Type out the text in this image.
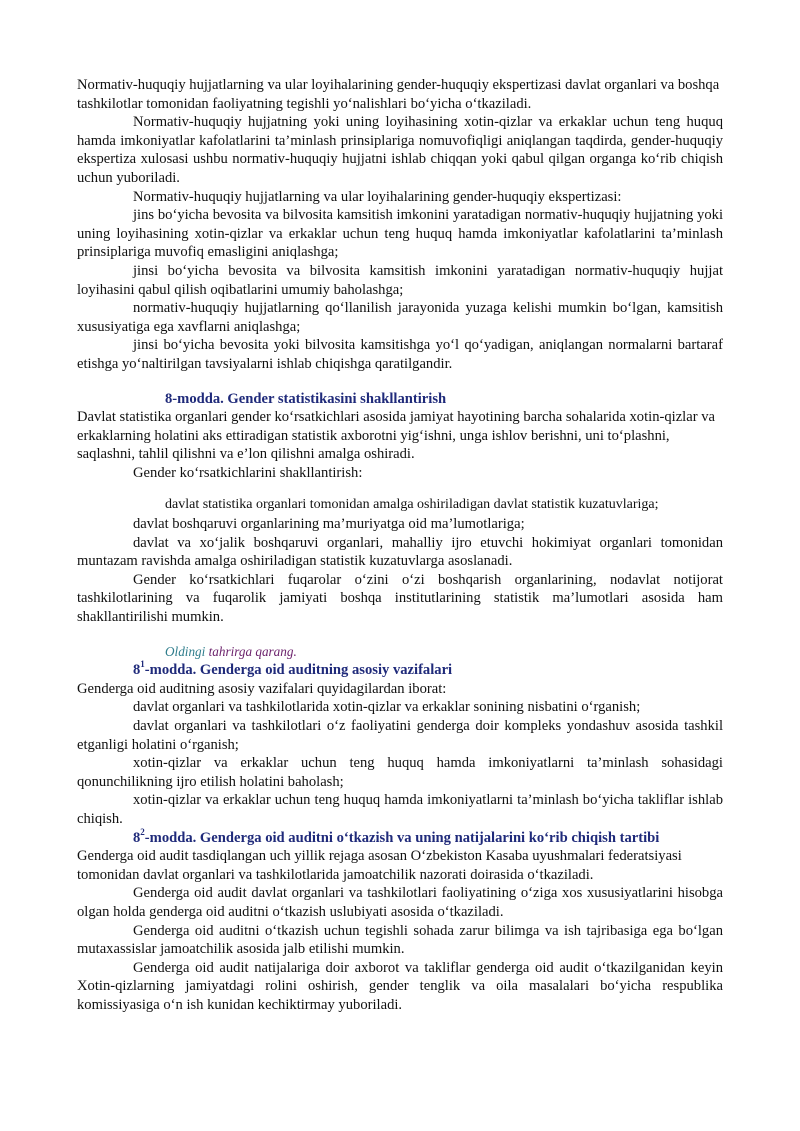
Normativ-huquqiy hujjatlarning va ular loyihalarining gender-huquqiy ekspertizasi davlat organlari va boshqa tashkilotlar tomonidan faoliyatning tegishli yo‘nalishlari bo‘yicha o‘tkaziladi.

Normativ-huquqiy hujjatning yoki uning loyihasining xotin-qizlar va erkaklar uchun teng huquq hamda imkoniyatlar kafolatlarini ta’minlash prinsiplariga nomuvofiqligi aniqlangan taqdirda, gender-huquqiy ekspertiza xulosasi ushbu normativ-huquqiy hujjatni ishlab chiqqan yoki qabul qilgan organga ko‘rib chiqish uchun yuboriladi.

Normativ-huquqiy hujjatlarning va ular loyihalarining gender-huquqiy ekspertizasi:

jins bo‘yicha bevosita va bilvosita kamsitish imkonini yaratadigan normativ-huquqiy hujjatning yoki uning loyihasining xotin-qizlar va erkaklar uchun teng huquq hamda imkoniyatlar kafolatlarini ta’minlash prinsiplariga muvofiq emasligini aniqlashga;

jinsi bo‘yicha bevosita va bilvosita kamsitish imkonini yaratadigan normativ-huquqiy hujjat loyihasini qabul qilish oqibatlarini umumiy baholashga;

normativ-huquqiy hujjatlarning qo‘llanilish jarayonida yuzaga kelishi mumkin bo‘lgan, kamsitish xususiyatiga ega xavflarni aniqlashga;

jinsi bo‘yicha bevosita yoki bilvosita kamsitishga yo‘l qo‘yadigan, aniqlangan normalarni bartaraf etishga yo‘naltirilgan tavsiyalarni ishlab chiqishga qaratilgandir.

8-modda. Gender statistikasini shakllantirish

Davlat statistika organlari gender ko‘rsatkichlari asosida jamiyat hayotining barcha sohalarida xotin-qizlar va erkaklarning holatini aks ettiradigan statistik axborotni yig‘ishni, unga ishlov berishni, uni to‘plashni, saqlashni, tahlil qilishni va e’lon qilishni amalga oshiradi.

Gender ko‘rsatkichlarini shakllantirish:

davlat statistika organlari tomonidan amalga oshiriladigan davlat statistik kuzatuvlariga;

davlat boshqaruvi organlarining ma’muriyatga oid ma’lumotlariga;

davlat va xo‘jalik boshqaruvi organlari, mahalliy ijro etuvchi hokimiyat organlari tomonidan muntazam ravishda amalga oshiriladigan statistik kuzatuvlarga asoslanadi.

Gender ko‘rsatkichlari fuqarolar o‘zini o‘zi boshqarish organlarining, nodavlat notijorat tashkilotlarining va fuqarolik jamiyati boshqa institutlarining statistik ma’lumotlari asosida ham shakllantirilishi mumkin.

Oldingi tahrirga qarang.

$8^1$-modda. Genderga oid auditning asosiy vazifalari

Genderga oid auditning asosiy vazifalari quyidagilardan iborat:

davlat organlari va tashkilotlarida xotin-qizlar va erkaklar sonining nisbatini o‘rganish;

davlat organlari va tashkilotlari o‘z faoliyatini genderga doir kompleks yondashuv asosida tashkil etganligi holatini o‘rganish;

xotin-qizlar va erkaklar uchun teng huquq hamda imkoniyatlarni ta’minlash sohasidagi qonunchilikning ijro etilish holatini baholash;

xotin-qizlar va erkaklar uchun teng huquq hamda imkoniyatlarni ta’minlash bo‘yicha takliflar ishlab chiqish.

$8^2$-modda. Genderga oid auditni o‘tkazish va uning natijalarini ko‘rib chiqish tartibi

Genderga oid audit tasdiqlangan uch yillik rejaga asosan O‘zbekiston Kasaba uyushmalari federatsiyasi tomonidan davlat organlari va tashkilotlarida jamoatchilik nazorati doirasida o‘tkaziladi.

Genderga oid audit davlat organlari va tashkilotlari faoliyatining o‘ziga xos xususiyatlarini hisobga olgan holda genderga oid auditni o‘tkazish uslubiyati asosida o‘tkaziladi.

Genderga oid auditni o‘tkazish uchun tegishli sohada zarur bilimga va ish tajribasiga ega bo‘lgan mutaxassislar jamoatchilik asosida jalb etilishi mumkin.

Genderga oid audit natijalariga doir axborot va takliflar genderga oid audit o‘tkazilganidan keyin Xotin-qizlarning jamiyatdagi rolini oshirish, gender tenglik va oila masalalari bo‘yicha respublika komissiyasiga o‘n ish kunidan kechiktirmay yuboriladi.
